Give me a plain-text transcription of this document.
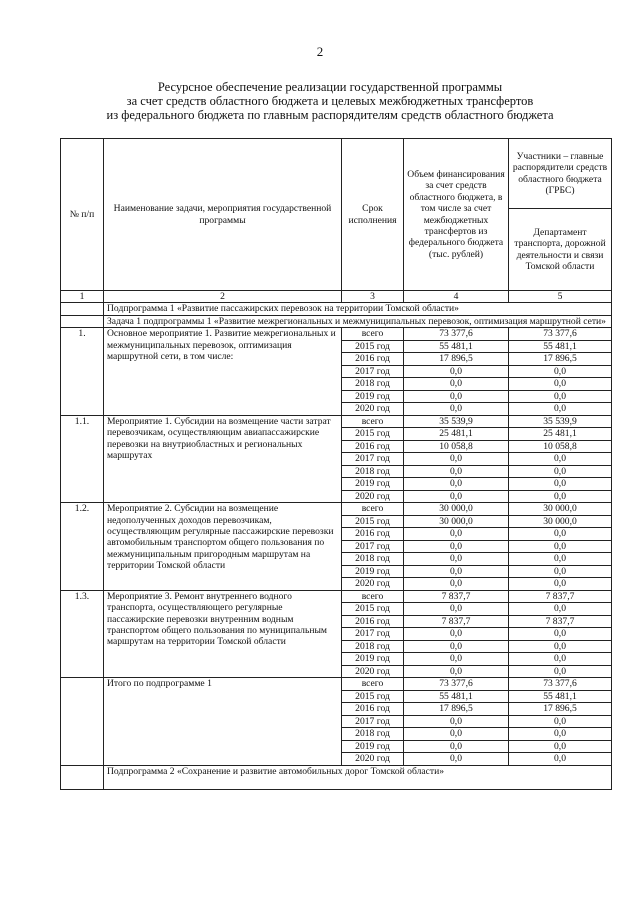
2
Ресурсное обеспечение реализации государственной программы
за счет средств областного бюджета и целевых межбюджетных трансфертов
из федерального бюджета по главным распорядителям средств областного бюджета
№ п/п	Наименование задачи, мероприятия государственной программы	Срок исполнения	Объем финансирования за счет средств областного бюджета, в том числе за счет межбюджетных трансфертов из федерального бюджета (тыс. рублей)	Участники – главные распорядители средств областного бюджета (ГРБС)
				Департамент транспорта, дорожной деятельности и связи Томской области
1	2	3	4	5
	Подпрограмма 1 «Развитие пассажирских перевозок на территории Томской области»			
	Задача 1 подпрограммы 1 «Развитие межрегиональных и межмуниципальных перевозок, оптимизация маршрутной сети»			
1.	Основное мероприятие 1. Развитие межрегиональных и межмуниципальных перевозок, оптимизация маршрутной сети, в том числе:	всего	73 377,6	73 377,6
		2015 год	55 481,1	55 481,1
		2016 год	17 896,5	17 896,5
		2017 год	0,0	0,0
		2018 год	0,0	0,0
		2019 год	0,0	0,0
		2020 год	0,0	0,0
1.1.	Мероприятие 1. Субсидии на возмещение части затрат перевозчикам, осуществляющим авиапассажирские перевозки на внутриобластных и региональных маршрутах	всего	35 539,9	35 539,9
		2015 год	25 481,1	25 481,1
		2016 год	10 058,8	10 058,8
		2017 год	0,0	0,0
		2018 год	0,0	0,0
		2019 год	0,0	0,0
		2020 год	0,0	0,0
1.2.	Мероприятие 2. Субсидии на возмещение недополученных доходов перевозчикам, осуществляющим регулярные пассажирские перевозки автомобильным транспортом общего пользования по межмуниципальным пригородным маршрутам на территории Томской области	всего	30 000,0	30 000,0
		2015 год	30 000,0	30 000,0
		2016 год	0,0	0,0
		2017 год	0,0	0,0
		2018 год	0,0	0,0
		2019 год	0,0	0,0
		2020 год	0,0	0,0
1.3.	Мероприятие 3. Ремонт внутреннего водного транспорта, осуществляющего регулярные пассажирские перевозки внутренним водным транспортом общего пользования по муниципальным маршрутам на территории Томской области	всего	7 837,7	7 837,7
		2015 год	0,0	0,0
		2016 год	7 837,7	7 837,7
		2017 год	0,0	0,0
		2018 год	0,0	0,0
		2019 год	0,0	0,0
		2020 год	0,0	0,0
	Итого по подпрограмме 1	всего	73 377,6	73 377,6
		2015 год	55 481,1	55 481,1
		2016 год	17 896,5	17 896,5
		2017 год	0,0	0,0
		2018 год	0,0	0,0
		2019 год	0,0	0,0
		2020 год	0,0	0,0
	Подпрограмма 2 «Сохранение и развитие автомобильных дорог Томской области»			
